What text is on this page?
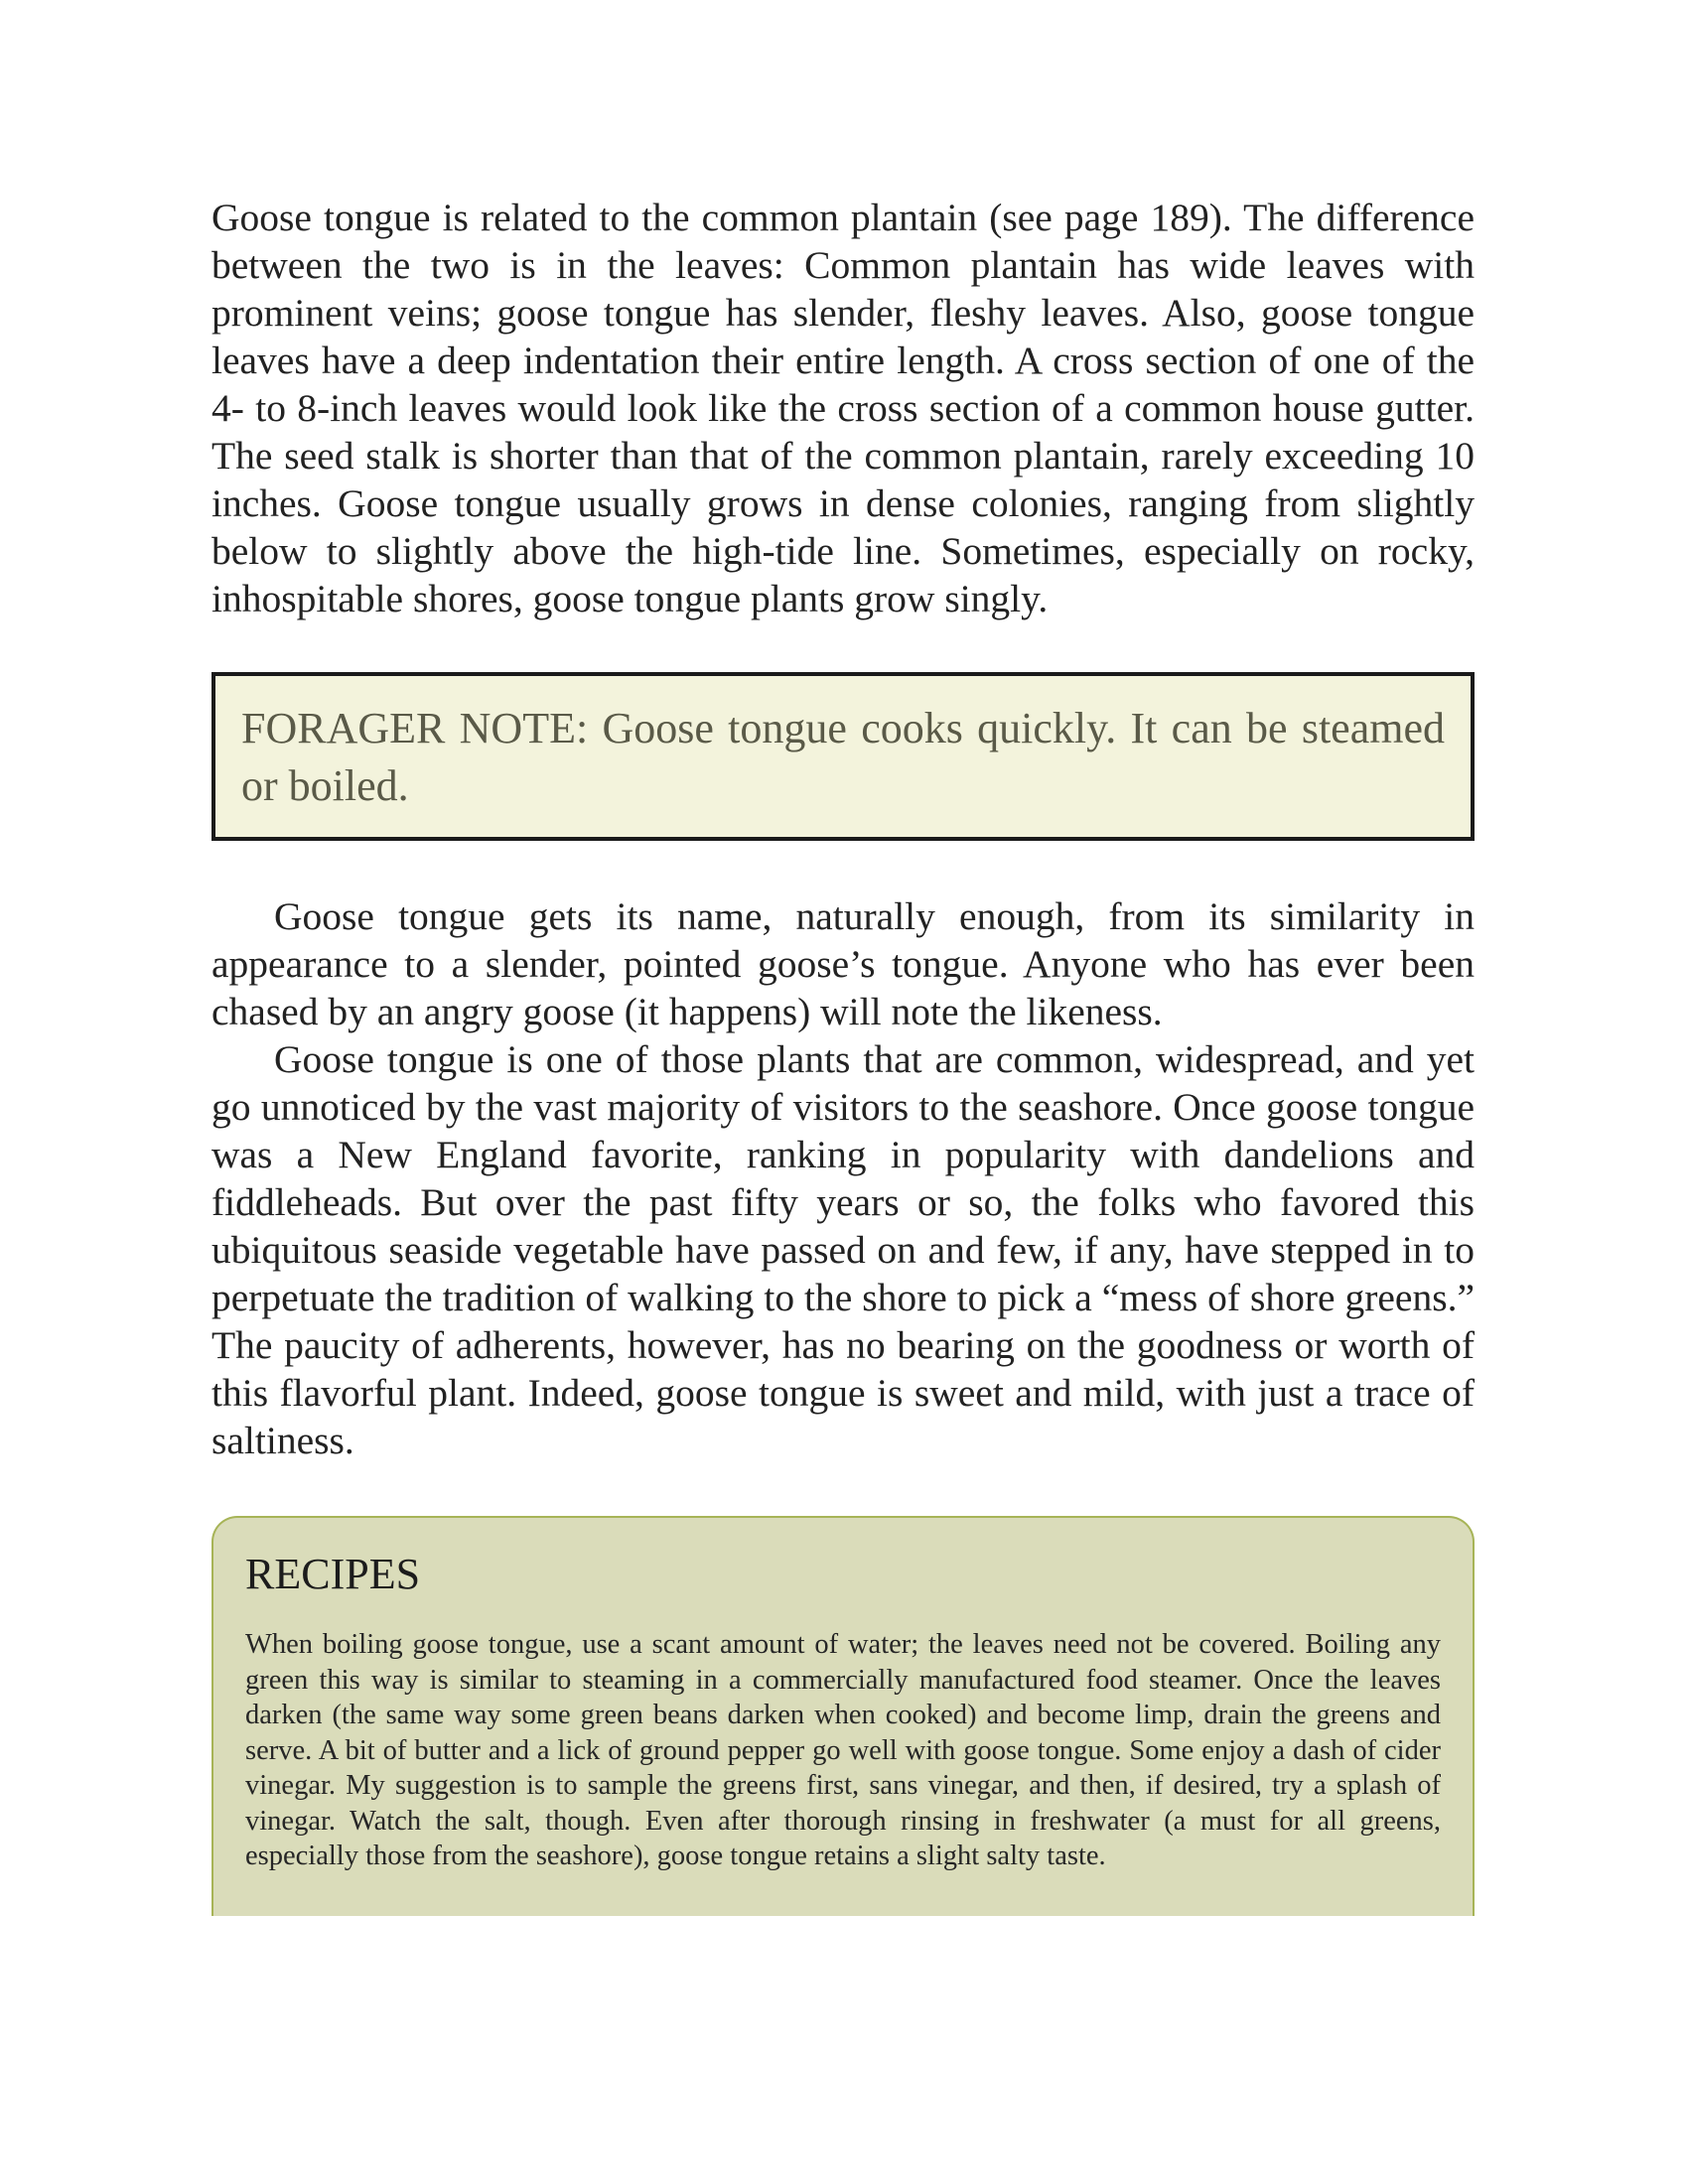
Goose tongue is related to the common plantain (see page 189). The difference between the two is in the leaves: Common plantain has wide leaves with prominent veins; goose tongue has slender, fleshy leaves. Also, goose tongue leaves have a deep indentation their entire length. A cross section of one of the 4- to 8-inch leaves would look like the cross section of a common house gutter. The seed stalk is shorter than that of the common plantain, rarely exceeding 10 inches. Goose tongue usually grows in dense colonies, ranging from slightly below to slightly above the high-tide line. Sometimes, especially on rocky, inhospitable shores, goose tongue plants grow singly.

FORAGER NOTE: Goose tongue cooks quickly. It can be steamed or boiled.

Goose tongue gets its name, naturally enough, from its similarity in appearance to a slender, pointed goose’s tongue. Anyone who has ever been chased by an angry goose (it happens) will note the likeness.

Goose tongue is one of those plants that are common, widespread, and yet go unnoticed by the vast majority of visitors to the seashore. Once goose tongue was a New England favorite, ranking in popularity with dandelions and fiddleheads. But over the past fifty years or so, the folks who favored this ubiquitous seaside vegetable have passed on and few, if any, have stepped in to perpetuate the tradition of walking to the shore to pick a “mess of shore greens.” The paucity of adherents, however, has no bearing on the goodness or worth of this flavorful plant. Indeed, goose tongue is sweet and mild, with just a trace of saltiness.

RECIPES

When boiling goose tongue, use a scant amount of water; the leaves need not be covered. Boiling any green this way is similar to steaming in a commercially manufactured food steamer. Once the leaves darken (the same way some green beans darken when cooked) and become limp, drain the greens and serve. A bit of butter and a lick of ground pepper go well with goose tongue. Some enjoy a dash of cider vinegar. My suggestion is to sample the greens first, sans vinegar, and then, if desired, try a splash of vinegar. Watch the salt, though. Even after thorough rinsing in freshwater (a must for all greens, especially those from the seashore), goose tongue retains a slight salty taste.
